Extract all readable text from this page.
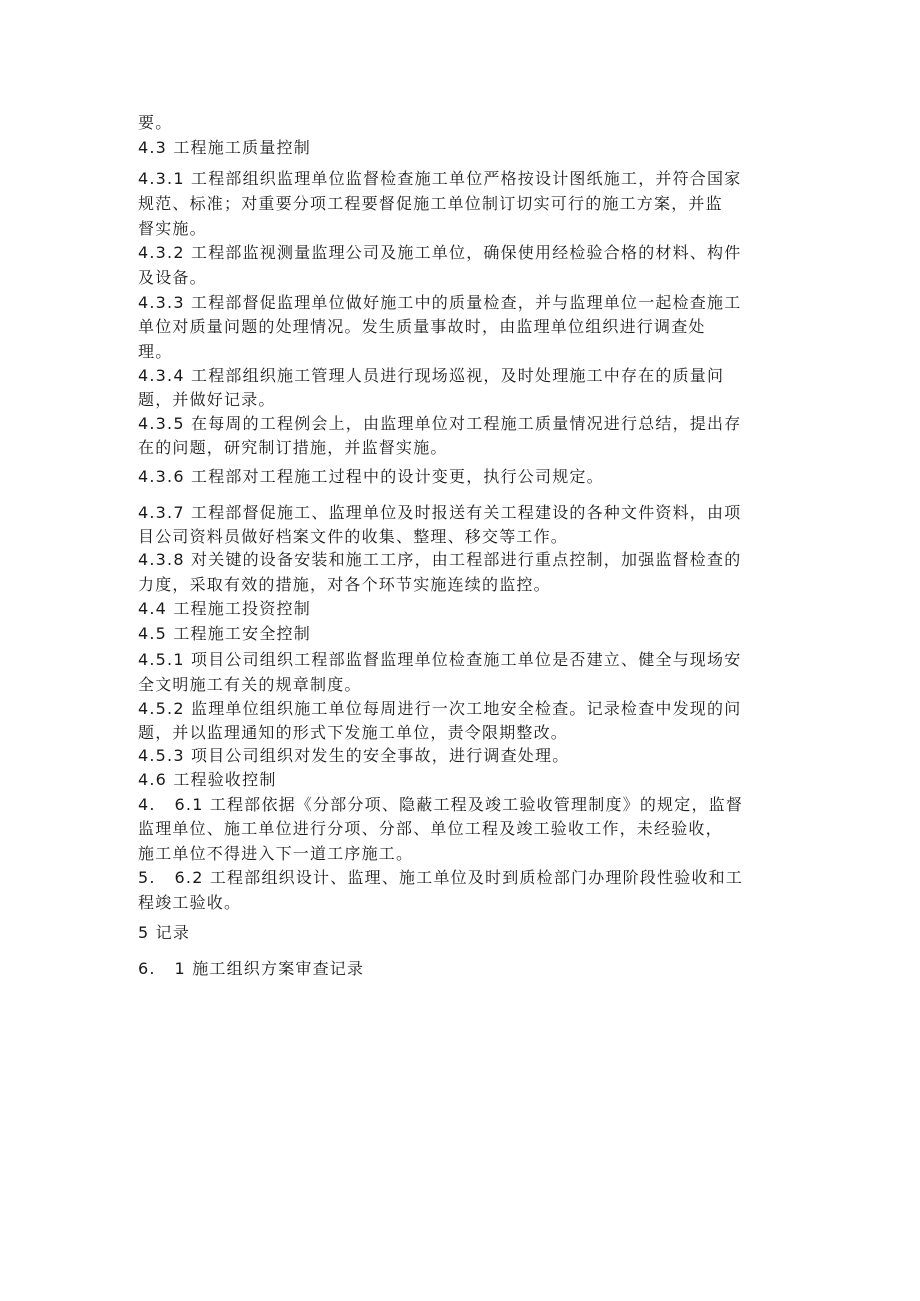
要。
4.3 工程施工质量控制
4.3.1 工程部组织监理单位监督检查施工单位严格按设计图纸施工，并符合国家
规范、标准；对重要分项工程要督促施工单位制订切实可行的施工方案，并监
督实施。
4.3.2 工程部监视测量监理公司及施工单位，确保使用经检验合格的材料、构件
及设备。
4.3.3 工程部督促监理单位做好施工中的质量检查，并与监理单位一起检查施工
单位对质量问题的处理情况。发生质量事故时，由监理单位组织进行调查处
理。
4.3.4 工程部组织施工管理人员进行现场巡视，及时处理施工中存在的质量问
题，并做好记录。
4.3.5 在每周的工程例会上，由监理单位对工程施工质量情况进行总结，提出存
在的问题，研究制订措施，并监督实施。
4.3.6 工程部对工程施工过程中的设计变更，执行公司规定。
4.3.7 工程部督促施工、监理单位及时报送有关工程建设的各种文件资料，由项
目公司资料员做好档案文件的收集、整理、移交等工作。
4.3.8 对关键的设备安装和施工工序，由工程部进行重点控制，加强监督检查的
力度，采取有效的措施，对各个环节实施连续的监控。
4.4 工程施工投资控制
4.5 工程施工安全控制
4.5.1 项目公司组织工程部监督监理单位检查施工单位是否建立、健全与现场安
全文明施工有关的规章制度。
4.5.2 监理单位组织施工单位每周进行一次工地安全检查。记录检查中发现的问
题，并以监理通知的形式下发施工单位，责令限期整改。
4.5.3 项目公司组织对发生的安全事故，进行调查处理。
4.6 工程验收控制
4.   6.1 工程部依据《分部分项、隐蔽工程及竣工验收管理制度》的规定，监督
监理单位、施工单位进行分项、分部、单位工程及竣工验收工作，未经验收，
施工单位不得进入下一道工序施工。
5.   6.2 工程部组织设计、监理、施工单位及时到质检部门办理阶段性验收和工
程竣工验收。
5 记录
6.   1 施工组织方案审查记录
